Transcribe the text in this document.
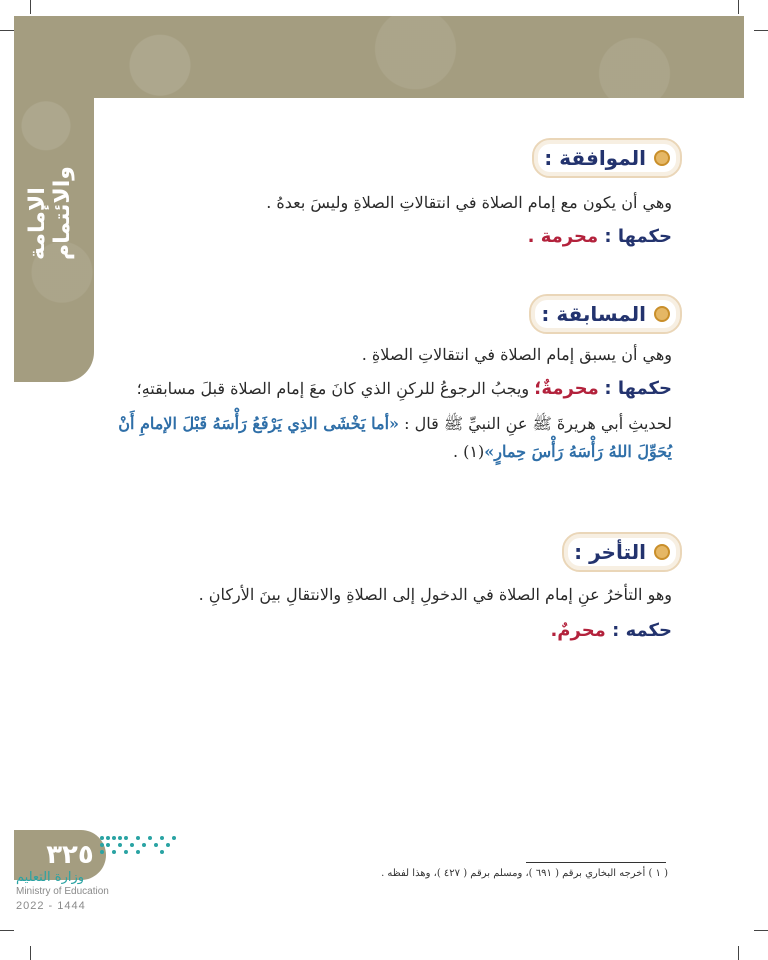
الإمامة والائتمام
الموافقة :
وهي أن يكون مع إمام الصلاة في انتقالاتِ الصلاةِ وليسَ بعدهُ .
حكمها : محرمة .
المسابقة :
وهي أن يسبق إمام الصلاة في انتقالاتِ الصلاةِ .
حكمها : محرمةٌ؛ ويجبُ الرجوعُ للركنِ الذي كانَ معَ إمام الصلاة قبلَ مسابقتهِ؛
لحديثِ أبي هريرةَ ﷺ عنِ النبيِّ ﷺ قال : «أما يَخْشَى الذِي يَرْفَعُ رَأْسَهُ قَبْلَ الإمامِ أَنْ يُحَوِّلَ اللهُ رَأْسَهُ رَأْسَ حِمارٍ»(١) .
التأخر :
وهو التأخرُ عنِ إمام الصلاة في الدخولِ إلى الصلاةِ والانتقالِ بينَ الأركانِ .
حكمه : محرمٌ.
( ١ ) أخرجه البخاري برقم ( ٦٩١ )، ومسلم برقم ( ٤٢٧ )، وهذا لفظه .
٣٢٥
وزارة التعليم
Ministry of Education
2022 - 1444
